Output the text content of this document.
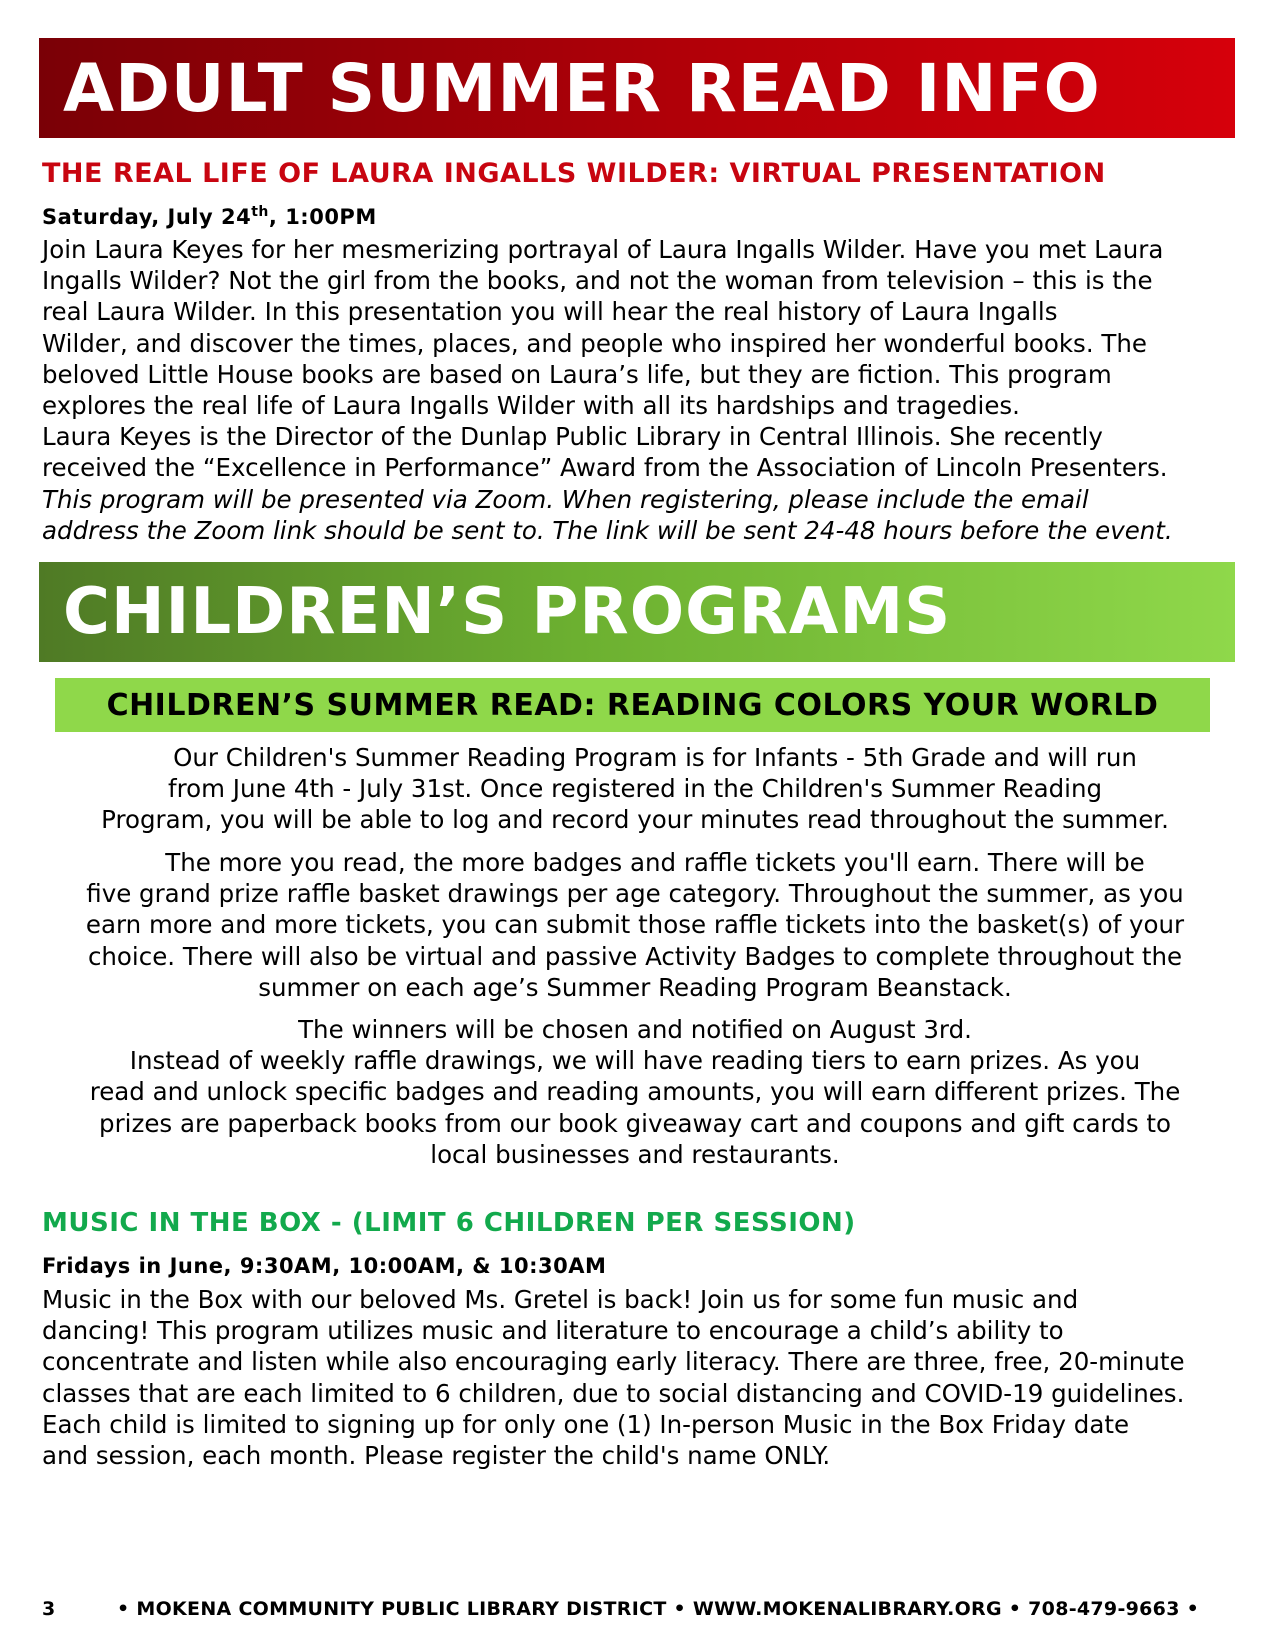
ADULT SUMMER READ INFO
THE REAL LIFE OF LAURA INGALLS WILDER: VIRTUAL PRESENTATION
Saturday, July 24th, 1:00PM
Join Laura Keyes for her mesmerizing portrayal of Laura Ingalls Wilder. Have you met Laura
Ingalls Wilder? Not the girl from the books, and not the woman from television – this is the
real Laura Wilder. In this presentation you will hear the real history of Laura Ingalls
Wilder, and discover the times, places, and people who inspired her wonderful books. The
beloved Little House books are based on Laura’s life, but they are fiction. This program
explores the real life of Laura Ingalls Wilder with all its hardships and tragedies.
Laura Keyes is the Director of the Dunlap Public Library in Central Illinois. She recently
received the “Excellence in Performance” Award from the Association of Lincoln Presenters.
This program will be presented via Zoom. When registering, please include the email
address the Zoom link should be sent to. The link will be sent 24-48 hours before the event.
CHILDREN’S PROGRAMS
CHILDREN’S SUMMER READ: READING COLORS YOUR WORLD
Our Children's Summer Reading Program is for Infants - 5th Grade and will run
from June 4th - July 31st. Once registered in the Children's Summer Reading
Program, you will be able to log and record your minutes read throughout the summer.
The more you read, the more badges and raffle tickets you'll earn. There will be
five grand prize raffle basket drawings per age category. Throughout the summer, as you
earn more and more tickets, you can submit those raffle tickets into the basket(s) of your
choice. There will also be virtual and passive Activity Badges to complete throughout the
summer on each age’s Summer Reading Program Beanstack.
The winners will be chosen and notified on August 3rd.
Instead of weekly raffle drawings, we will have reading tiers to earn prizes. As you
read and unlock specific badges and reading amounts, you will earn different prizes. The
prizes are paperback books from our book giveaway cart and coupons and gift cards to
local businesses and restaurants.
MUSIC IN THE BOX - (LIMIT 6 CHILDREN PER SESSION)
Fridays in June, 9:30AM, 10:00AM, & 10:30AM
Music in the Box with our beloved Ms. Gretel is back! Join us for some fun music and
dancing! This program utilizes music and literature to encourage a child’s ability to
concentrate and listen while also encouraging early literacy. There are three, free, 20-minute
classes that are each limited to 6 children, due to social distancing and COVID-19 guidelines.
Each child is limited to signing up for only one (1) In-person Music in the Box Friday date
and session, each month. Please register the child's name ONLY.
3	• MOKENA COMMUNITY PUBLIC LIBRARY DISTRICT • WWW.MOKENALIBRARY.ORG • 708-479-9663 •
